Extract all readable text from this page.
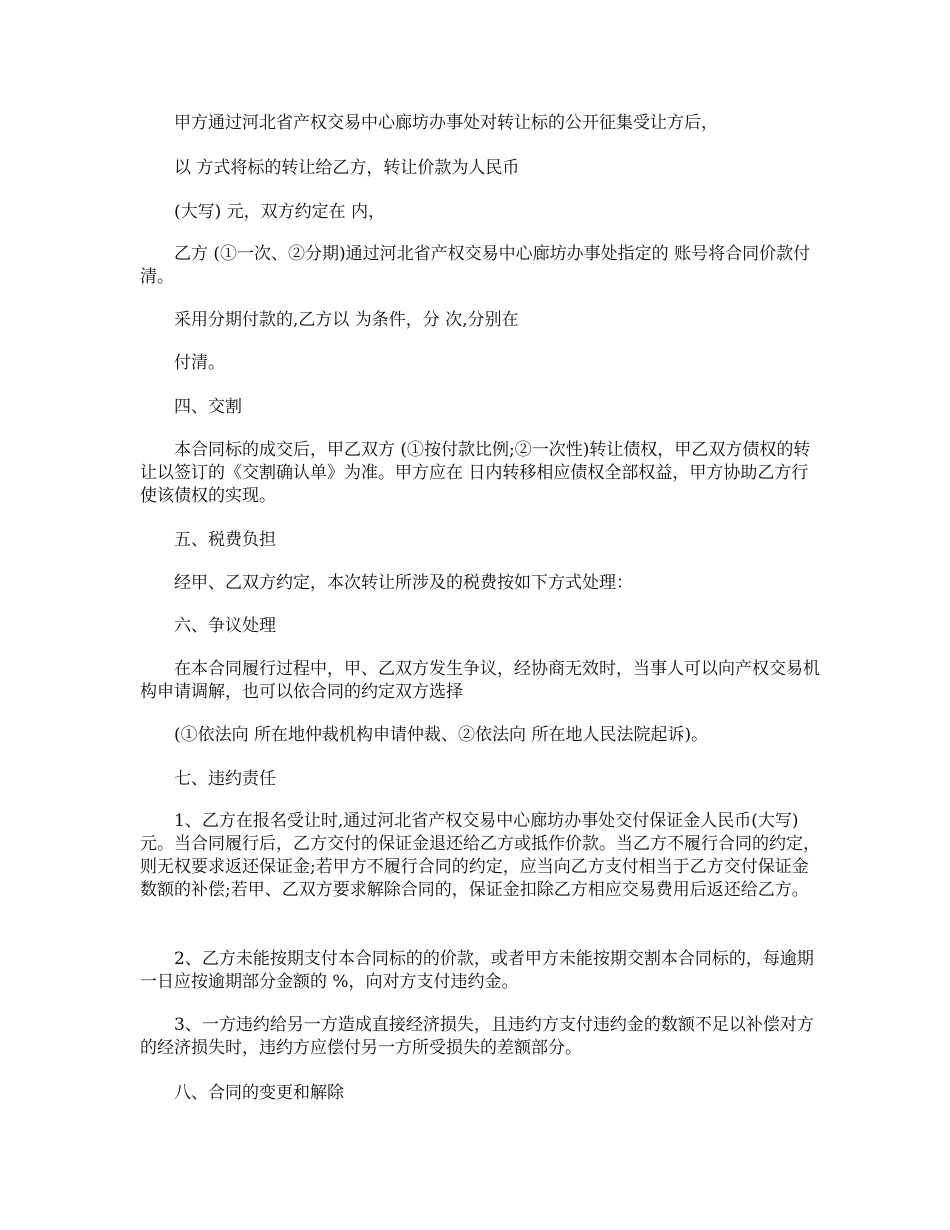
甲方通过河北省产权交易中心廊坊办事处对转让标的公开征集受让方后，

以 方式将标的转让给乙方，转让价款为人民币

(大写) 元，双方约定在 内，

乙方 (①一次、②分期)通过河北省产权交易中心廊坊办事处指定的 账号将合同价款付清。

采用分期付款的,乙方以 为条件，分 次,分别在

付清。

四、交割

本合同标的成交后，甲乙双方 (①按付款比例;②一次性)转让债权，甲乙双方债权的转让以签订的《交割确认单》为准。甲方应在 日内转移相应债权全部权益，甲方协助乙方行使该债权的实现。

五、税费负担

经甲、乙双方约定，本次转让所涉及的税费按如下方式处理：

六、争议处理

在本合同履行过程中，甲、乙双方发生争议，经协商无效时，当事人可以向产权交易机构申请调解，也可以依合同的约定双方选择

(①依法向 所在地仲裁机构申请仲裁、②依法向 所在地人民法院起诉)。

七、违约责任

1、乙方在报名受让时,通过河北省产权交易中心廊坊办事处交付保证金人民币(大写) 元。当合同履行后，乙方交付的保证金退还给乙方或抵作价款。当乙方不履行合同的约定，则无权要求返还保证金;若甲方不履行合同的约定，应当向乙方支付相当于乙方交付保证金数额的补偿;若甲、乙双方要求解除合同的，保证金扣除乙方相应交易费用后返还给乙方。

2、乙方未能按期支付本合同标的的价款，或者甲方未能按期交割本合同标的，每逾期一日应按逾期部分金额的 %，向对方支付违约金。

3、一方违约给另一方造成直接经济损失，且违约方支付违约金的数额不足以补偿对方的经济损失时，违约方应偿付另一方所受损失的差额部分。

八、合同的变更和解除
